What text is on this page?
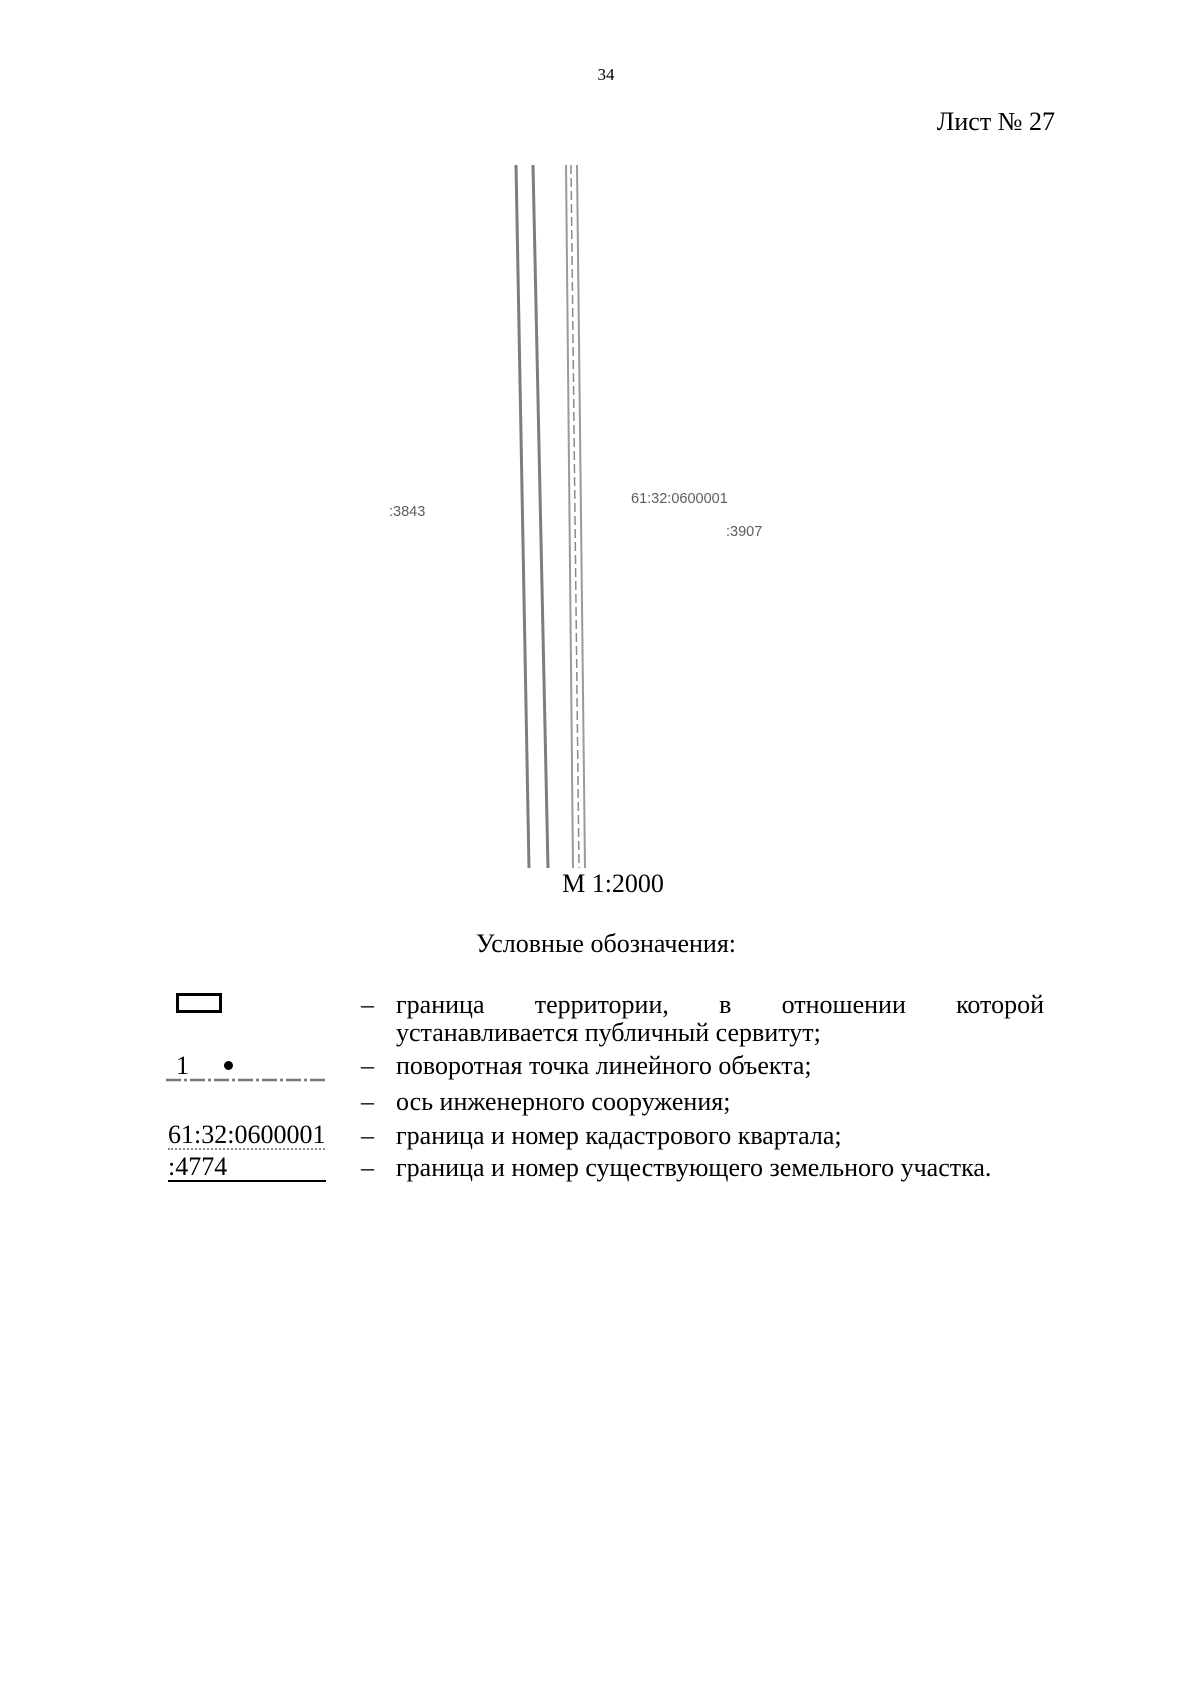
34
Лист № 27
:3843
61:32:0600001
:3907
М 1:2000
Условные обозначения:
– граница территории, в отношении которой устанавливается публичный сервитут;
1	– поворотная точка линейного объекта;
– ось инженерного сооружения;
61:32:0600001 – граница и номер кадастрового квартала;
:4774	– граница и номер существующего земельного участка.
